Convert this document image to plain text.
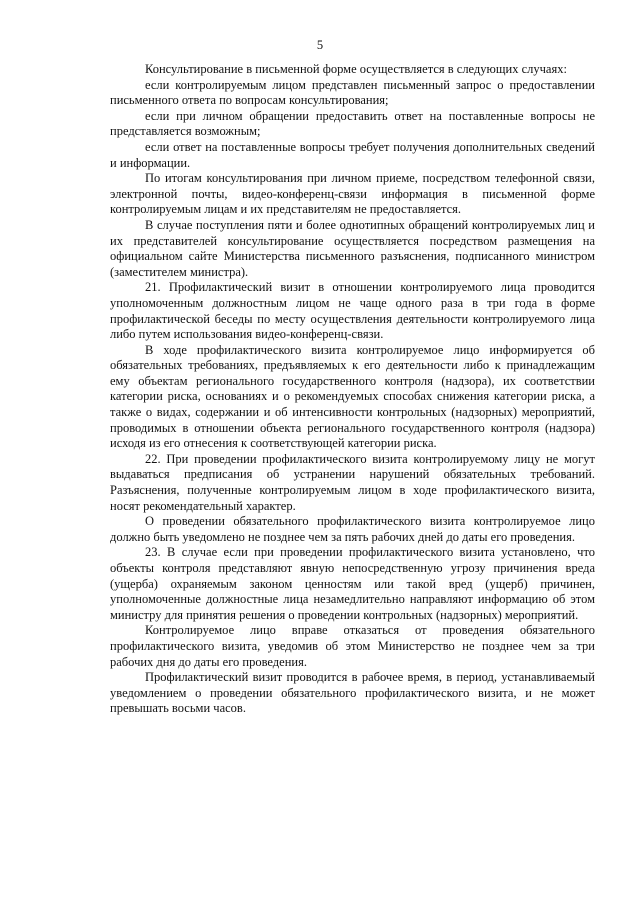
5

Консультирование в письменной форме осуществляется в следующих случаях:

если контролируемым лицом представлен письменный запрос о предоставлении письменного ответа по вопросам консультирования;

если при личном обращении предоставить ответ на поставленные вопросы не представляется возможным;

если ответ на поставленные вопросы требует получения дополнительных сведений и информации.

По итогам консультирования при личном приеме, посредством телефонной связи, электронной почты, видео-конференц-связи информация в письменной форме контролируемым лицам и их представителям не предоставляется.

В случае поступления пяти и более однотипных обращений контролируемых лиц и их представителей консультирование осуществляется посредством размещения на официальном сайте Министерства письменного разъяснения, подписанного министром (заместителем министра).

21. Профилактический визит в отношении контролируемого лица проводится уполномоченным должностным лицом не чаще одного раза в три года в форме профилактической беседы по месту осуществления деятельности контролируемого лица либо путем использования видео-конференц-связи.

В ходе профилактического визита контролируемое лицо информируется об обязательных требованиях, предъявляемых к его деятельности либо к принадлежащим ему объектам регионального государственного контроля (надзора), их соответствии категории риска, основаниях и о рекомендуемых способах снижения категории риска, а также о видах, содержании и об интенсивности контрольных (надзорных) мероприятий, проводимых в отношении объекта регионального государственного контроля (надзора) исходя из его отнесения к соответствующей категории риска.

22. При проведении профилактического визита контролируемому лицу не могут выдаваться предписания об устранении нарушений обязательных требований. Разъяснения, полученные контролируемым лицом в ходе профилактического визита, носят рекомендательный характер.

О проведении обязательного профилактического визита контролируемое лицо должно быть уведомлено не позднее чем за пять рабочих дней до даты его проведения.

23. В случае если при проведении профилактического визита установлено, что объекты контроля представляют явную непосредственную угрозу причинения вреда (ущерба) охраняемым законом ценностям или такой вред (ущерб) причинен, уполномоченные должностные лица незамедлительно направляют информацию об этом министру для принятия решения о проведении контрольных (надзорных) мероприятий.

Контролируемое лицо вправе отказаться от проведения обязательного профилактического визита, уведомив об этом Министерство не позднее чем за три рабочих дня до даты его проведения.

Профилактический визит проводится в рабочее время, в период, устанавливаемый уведомлением о проведении обязательного профилактического визита, и не может превышать восьми часов.
